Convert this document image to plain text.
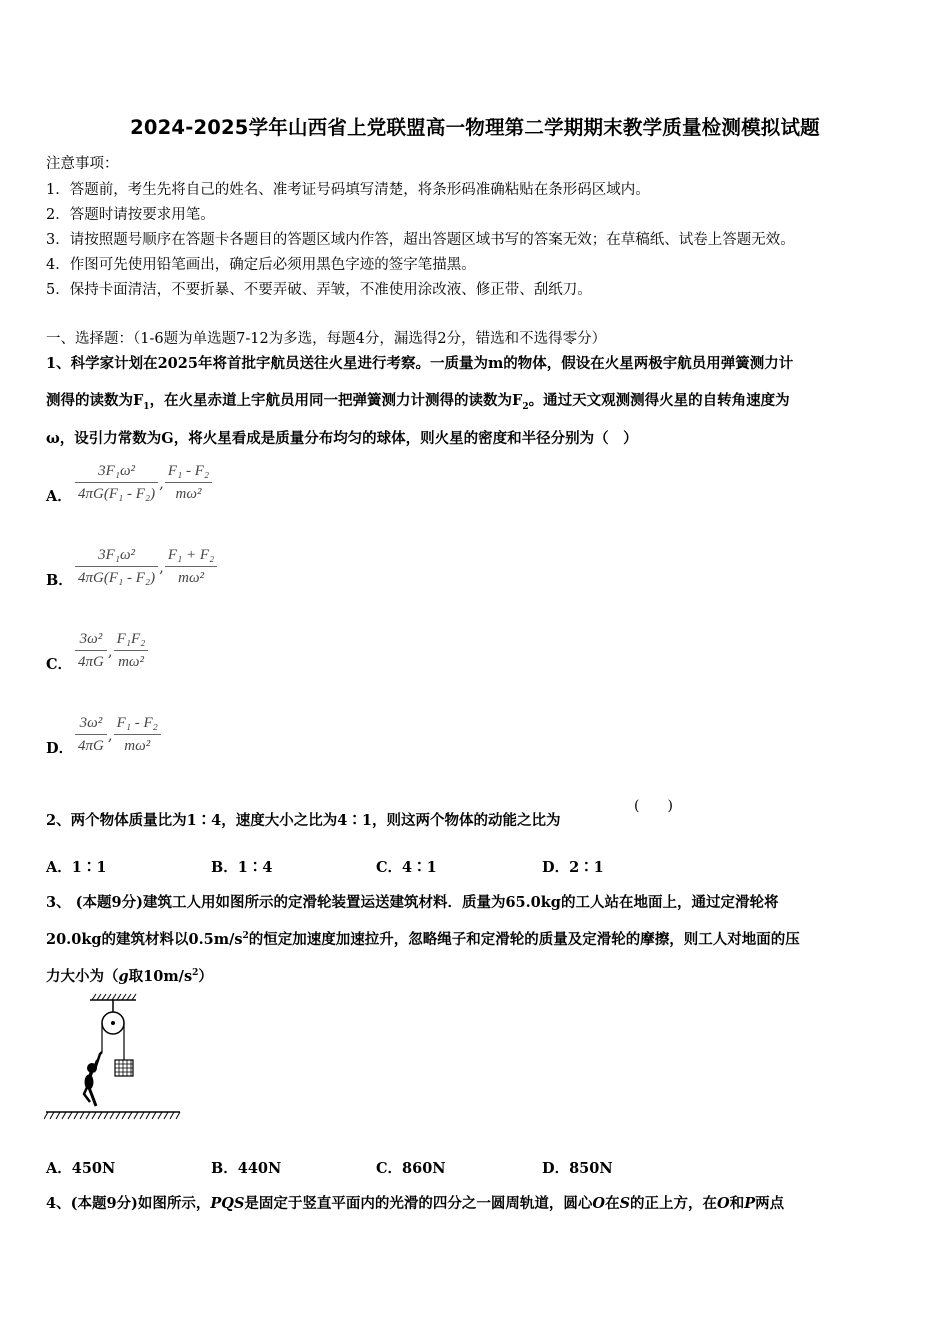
2024-2025学年山西省上党联盟高一物理第二学期期末教学质量检测模拟试题
注意事项：
1．答题前，考生先将自己的姓名、准考证号码填写清楚，将条形码准确粘贴在条形码区域内。
2．答题时请按要求用笔。
3．请按照题号顺序在答题卡各题目的答题区域内作答，超出答题区域书写的答案无效；在草稿纸、试卷上答题无效。
4．作图可先使用铅笔画出，确定后必须用黑色字迹的签字笔描黑。
5．保持卡面清洁，不要折暴、不要弄破、弄皱，不准使用涂改液、修正带、刮纸刀。
一、选择题：（1-6题为单选题7-12为多选，每题4分，漏选得2分，错选和不选得零分）
1、科学家计划在2025年将首批宇航员送往火星进行考察。一质量为m的物体，假设在火星两极宇航员用弹簧测力计
测得的读数为$F_1$，在火星赤道上宇航员用同一把弹簧测力计测得的读数为$F_2$。通过天文观测测得火星的自转角速度为
ω，设引力常数为G，将火星看成是质量分布均匀的球体，则火星的密度和半径分别为（　）
A． $\frac{\text{3F₁ω²}}{\text{4πG(F₁ - F₂)}}$ , $\frac{\text{F₁ - F₂}}{\text{mω²}}$
B． $\frac{\text{3F₁ω²}}{\text{4πG(F₁ - F₂)}}$ , $\frac{\text{F₁ + F₂}}{\text{mω²}}$
C． $\frac{\text{3ω²}}{4\pi G}$ , $\frac{\text{F₁F₂}}{\text{mω²}}$
D． $\frac{\text{3ω²}}{4\pi G}$ , $\frac{\text{F₁ - F₂}}{\text{mω²}}$
2、两个物体质量比为1∶4，速度大小之比为4∶1，则这两个物体的动能之比为
(　　)
A．1∶1	B．1∶4	C．4∶1	D．2∶1
3、 (本题9分)建筑工人用如图所示的定滑轮装置运送建筑材料．质量为65.0kg的工人站在地面上，通过定滑轮将
20.0kg的建筑材料以$0.5m/s^2$的恒定加速度加速拉升，忽略绳子和定滑轮的质量及定滑轮的摩擦，则工人对地面的压
力大小为（g取$10m/s^2$）
A．450N	B．440N	C．860N	D．850N
4、(本题9分)如图所示，PQS是固定于竖直平面内的光滑的四分之一圆周轨道，圆心O在S的正上方，在O和P两点
